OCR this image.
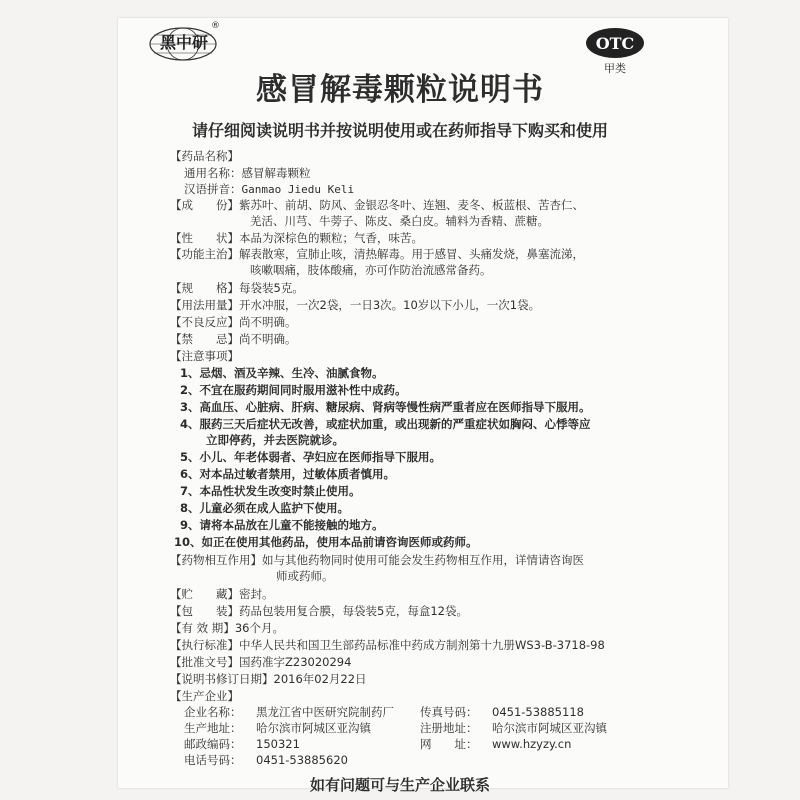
黑中研
®
OTC
甲类
感冒解毒颗粒说明书
请仔细阅读说明书并按说明使用或在药师指导下购买和使用
【 药品名称 】
通用名称：感冒解毒颗粒
汉语拼音：Ganmao Jiedu Keli
【 成　　份 】 紫苏叶、前胡、防风、金银忍冬叶、连翘、麦冬、板蓝根、苦杏仁、
羌活、川芎、牛蒡子、陈皮、桑白皮。辅料为香精、蔗糖。
【 性　　状 】 本品为深棕色的颗粒；气香，味苦。
【 功能主治 】 解表散寒，宣肺止咳，清热解毒。用于感冒、头痛发烧，鼻塞流涕，
咳嗽咽痛，肢体酸痛，亦可作防治流感常备药。
【 规　　格 】 每袋装5克。
【 用法用量 】 开水冲服，一次2袋，一日3次。10岁以下小儿，一次1袋。
【 不良反应 】 尚不明确。
【 禁　　忌 】 尚不明确。
【 注意事项 】
1、忌烟、酒及辛辣、生冷、油腻食物。
2、不宜在服药期间同时服用滋补性中成药。
3、高血压、心脏病、肝病、糖尿病、肾病等慢性病严重者应在医师指导下服用。
4、服药三天后症状无改善，或症状加重，或出现新的严重症状如胸闷、心悸等应
立即停药，并去医院就诊。
5、小儿、年老体弱者、孕妇应在医师指导下服用。
6、对本品过敏者禁用，过敏体质者慎用。
7、本品性状发生改变时禁止使用。
8、儿童必须在成人监护下使用。
9、请将本品放在儿童不能接触的地方。
10、如正在使用其他药品，使用本品前请咨询医师或药师。
【 药物相互作用 】 如与其他药物同时使用可能会发生药物相互作用，详情请咨询医
师或药师。
【 贮　　藏 】 密封。
【 包　　装 】 药品包装用复合膜，每袋装5克，每盒12袋。
【 有 效 期 】 36个月。
【 执行标准 】 中华人民共和国卫生部药品标准中药成方制剂第十九册WS3-B-3718-98
【 批准文号 】 国药准字Z23020294
【 说明书修订日期 】 2016年02月22日
【 生产企业 】
企业名称： 黑龙江省中医研究院制药厂
生产地址： 哈尔滨市阿城区亚沟镇
邮政编码： 150321
电话号码： 0451-53885620
传真号码： 0451-53885118
注册地址： 哈尔滨市阿城区亚沟镇
网　　址： www.hzyzy.cn
如有问题可与生产企业联系
